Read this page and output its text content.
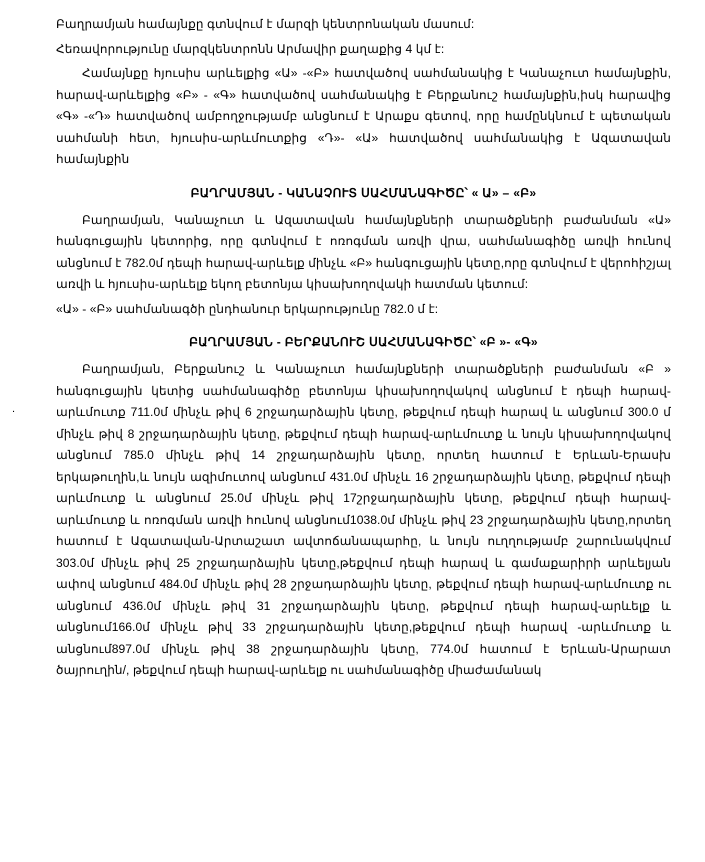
Բաղրամյան համայնքը գտնվում է մարզի կենտրոնական մասում:

Հեռավորությունը մարզկենտրոնն Արմավիր քաղաքից 4 կմ է:

Համայնքը հյուսիս արևելքից «Ա» -«Բ» հատվածով սահմանակից է Կանաչուտ համայնքին, հարավ-արևելքից «Բ» - «Գ» հատվածով սահմանակից է Բերքանուշ համայնքին,իսկ հարավից «Գ» -«Դ» հատվածով ամբողջությամբ անցնում է Արաքս գետով, որը համընկնում է պետական սահմանի հետ, հյուսիս-արևմուտքից «Դ»- «Ա» հատվածով սահմանակից է Ազատավան համայնքին

ԲԱՂՐԱՄՅԱՆ - ԿԱՆԱՉՈՒՏ ՍԱՀՄԱՆԱԳԻԾԸ՝ « Ա» – «Բ»

Բաղրամյան, Կանաչուտ և Ազատավան համայնքների տարածքների բաժանման «Ա» հանգուցային կետորից, որը գտնվում է ոռոգման առվի վրա, սահմանագիծը առվի հունով անցնում է 782.0մ դեպի հարավ-արևելք մինչև «Բ» հանգուցային կետը,որը գտնվում է վերոհիշյալ առվի և հյուսիս-արևելք եկող բետոնյա կիսախողովակի հատման կետում:

«Ա» - «Բ» սահմանագծի ընդհանուր երկարությունը 782.0 մ է:

ԲԱՂՐԱՄՅԱՆ - ԲԵՐՔԱՆՈՒՇ ՍԱՀՄԱՆԱԳԻԾԸ՝ «Բ »- «Գ»

Բաղրամյան, Բերքանուշ և Կանաչուտ համայնքների տարածքների բաժանման «Բ » հանգուցային կետից սահմանագիծը բետոնյա կիսախողովակով անցնում է դեպի հարավ-արևմուտք 711.0մ մինչև թիվ 6 շրջադարձային կետը, թեքվում դեպի հարավ և անցնում 300.0 մ մինչև թիվ 8 շրջադարձային կետը, թեքվում դեպի հարավ-արևմուտք և նույն կիսախողովակով անցնում 785.0 մինչև թիվ 14 շրջադարձային կետը, որտեղ հատում է Երևան-Երասխ երկաթուղին,և նույն ազիմուտով անցնում 431.0մ մինչև 16 շրջադարձային կետը, թեքվում դեպի արևմուտք և անցնում 25.0մ մինչև թիվ 17շրջադարձային կետը, թեքվում դեպի հարավ-արևմուտք և ոռոգման առվի հունով անցնում1038.0մ մինչև թիվ 23 շրջադարձային կետը,որտեղ հատում է Ազատավան-Արտաշատ ավտոճանապարհը, և նույն ուղղությամբ շարունակվում 303.0մ մինչև թիվ 25 շրջադարձային կետը,թեքվում դեպի հարավ և գամաքարիրի արևելյան ափով անցնում 484.0մ մինչև թիվ 28 շրջադարձային կետը, թեքվում դեպի հարավ-արևմուտք ու անցնում 436.0մ մինչև թիվ 31 շրջադարձային կետը, թեքվում դեպի հարավ-արևելք և անցնում166.0մ մինչև թիվ 33 շրջադարձային կետը,թեքվում դեպի հարավ -արևմուտք և անցնում897.0մ մինչև թիվ 38 շրջադարձային կետը, 774.0մ հատում է Երևան-Արարատ ծայրուղին/, թեքվում դեպի հարավ-արևելք ու սահմանագիծը միաժամանակ

.
